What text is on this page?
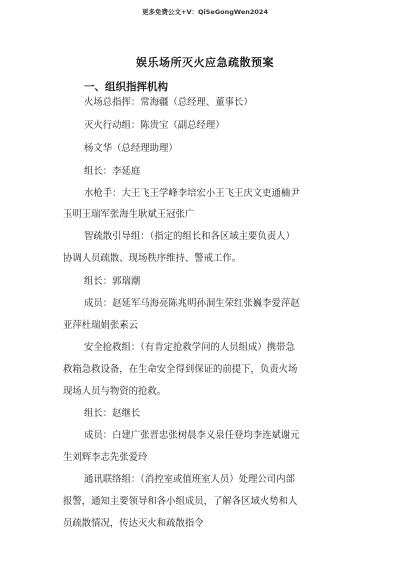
更多免费公文+V：QiSeGongWen2024
娱乐场所灭火应急疏散预案
一、组织指挥机构
火场总指挥：常海疆（总经理、董事长）
灭火行动组：陈贵宝（副总经理）
杨文华（总经理助理）
组长：李延庭
水枪手：大王飞王学峰李培宏小王飞王庆文吏通楠尹
玉明王瑞军张海生耿斌王冠张广
智疏散引导组：（指定的组长和各区域主要负责人）
协调人员疏散、现场秩序维持、警戒工作。
组长：郭瑞潮
成员：赵延军马海亮陈兆明孙洞生荣红张巍李爱萍赵
亚萍杜瑞娟张素云
安全抢救组：（有肯定抢救学问的人员组成）携带急
救箱急救设备，在生命安全得到保证的前提下，负责火场
现场人员与物资的抢救。
组长：赵继长
成员：白建广张晋忠张树晨李义泉任登均李连斌谢元
生刘辉李志先张爱玲
通讯联络组：（消控室或值班室人员）处理公司内部
报警，通知主要领导和各小组成员，了解各区域火势和人
员疏散情况，传达灭火和疏散指令
